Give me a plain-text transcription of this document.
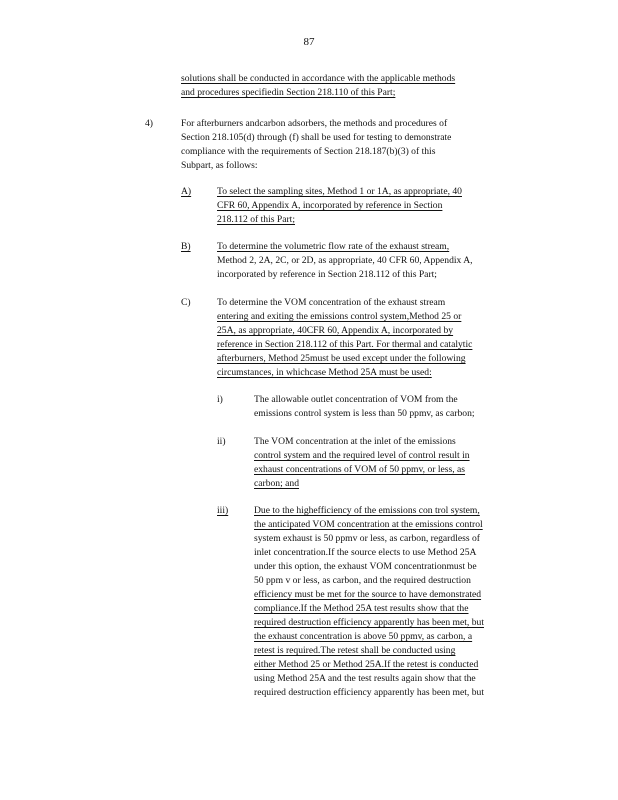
87
solutions shall be conducted in accordance with the applicable methods
and procedures specifiedin Section 218.110 of this Part;
4)	For afterburners andcarbon adsorbers, the methods and procedures of
Section 218.105(d) through (f) shall be used for testing to demonstrate
compliance with the requirements of Section 218.187(b)(3) of this
Subpart, as follows:
A)	To select the sampling sites, Method 1 or 1A, as appropriate, 40
CFR 60, Appendix A, incorporated by reference in Section
218.112 of this Part;
B)	To determine the volumetric flow rate of the exhaust stream,
Method 2, 2A, 2C, or 2D, as appropriate, 40 CFR 60, Appendix A,
incorporated by reference in Section 218.112 of this Part;
C)	To determine the VOM concentration of the exhaust stream
entering and exiting the emissions control system,Method 25 or
25A, as appropriate, 40CFR 60, Appendix A, incorporated by
reference in Section 218.112 of this Part. For thermal and catalytic
afterburners, Method 25must be used except under the following
circumstances, in whichcase Method 25A must be used:
i)	The allowable outlet concentration of VOM from the
emissions control system is less than 50 ppmv, as carbon;
ii)	The VOM concentration at the inlet of the emissions
control system and the required level of control result in
exhaust concentrations of VOM of 50 ppmv, or less, as
carbon; and
iii)	Due to the highefficiency of the emissions con trol system,
the anticipated VOM concentration at the emissions control
system exhaust is 50 ppmv or less, as carbon, regardless of
inlet concentration.If the source elects to use Method 25A
under this option, the exhaust VOM concentrationmust be
50 ppm v or less, as carbon, and the required destruction
efficiency must be met for the source to have demonstrated
compliance.If the Method 25A test results show that the
required destruction efficiency apparently has been met, but
the exhaust concentration is above 50 ppmv, as carbon, a
retest is required.The retest shall be conducted using
either Method 25 or Method 25A.If the retest is conducted
using Method 25A and the test results again show that the
required destruction efficiency apparently has been met, but
